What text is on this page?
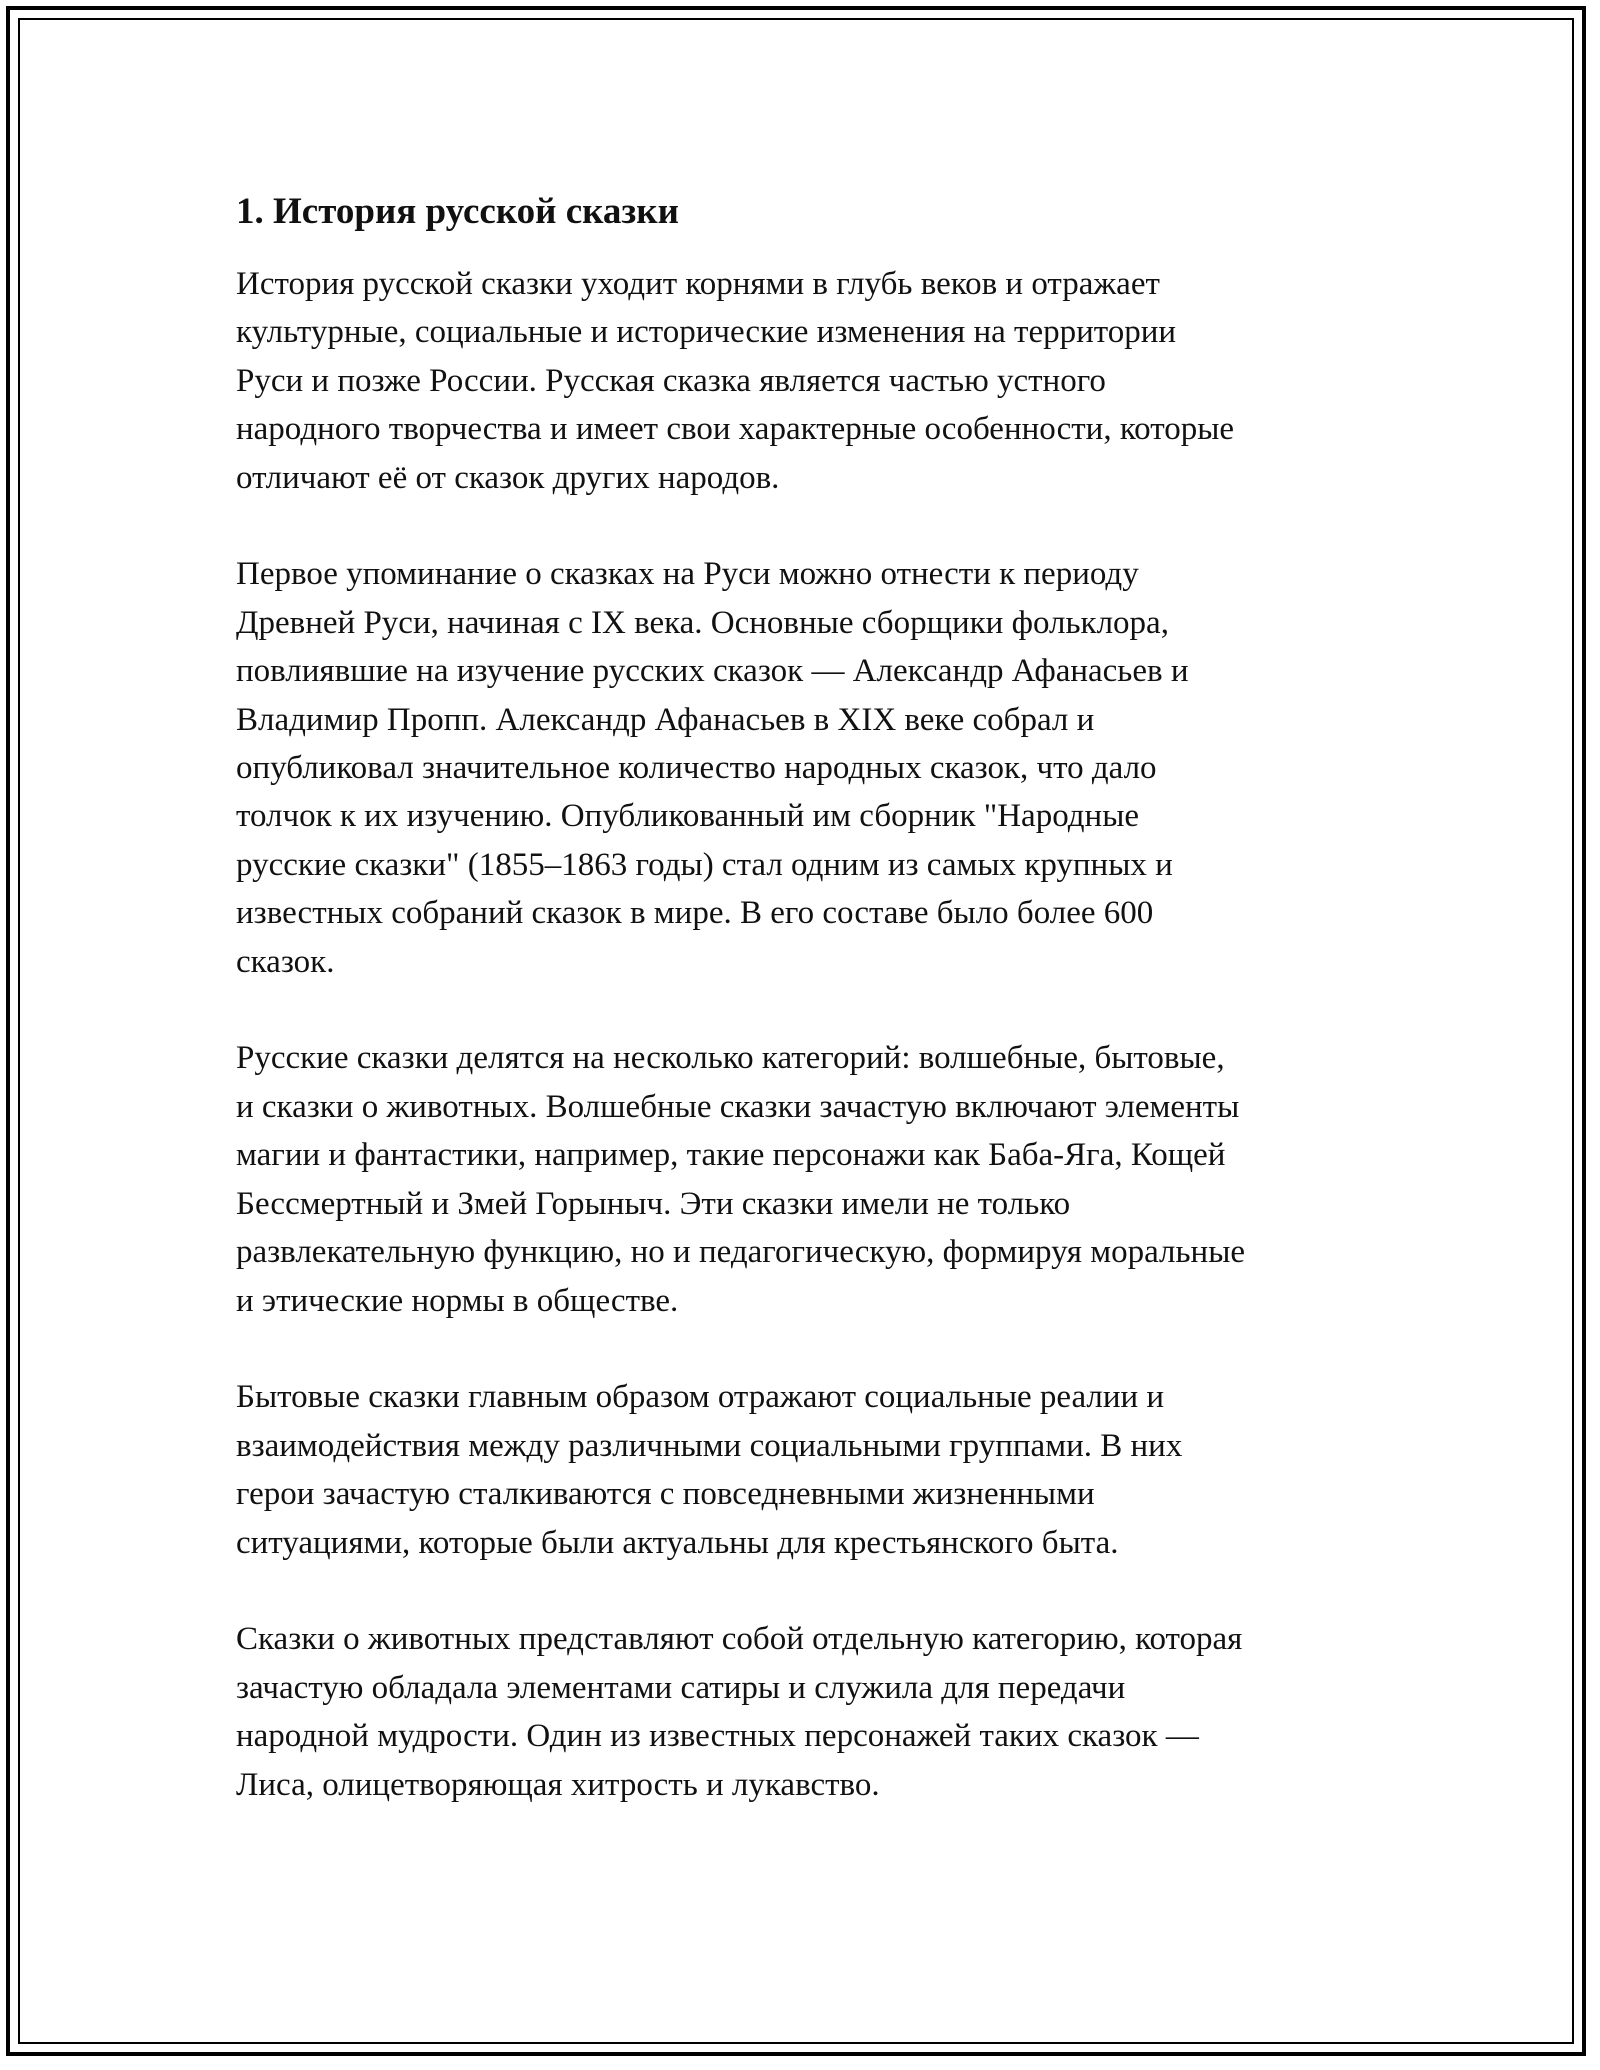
1. История русской сказки

История русской сказки уходит корнями в глубь веков и отражает
культурные, социальные и исторические изменения на территории
Руси и позже России. Русская сказка является частью устного
народного творчества и имеет свои характерные особенности, которые
отличают её от сказок других народов.

Первое упоминание о сказках на Руси можно отнести к периоду
Древней Руси, начиная с IX века. Основные сборщики фольклора,
повлиявшие на изучение русских сказок — Александр Афанасьев и
Владимир Пропп. Александр Афанасьев в XIX веке собрал и
опубликовал значительное количество народных сказок, что дало
толчок к их изучению. Опубликованный им сборник "Народные
русские сказки" (1855–1863 годы) стал одним из самых крупных и
известных собраний сказок в мире. В его составе было более 600
сказок.

Русские сказки делятся на несколько категорий: волшебные, бытовые,
и сказки о животных. Волшебные сказки зачастую включают элементы
магии и фантастики, например, такие персонажи как Баба-Яга, Кощей
Бессмертный и Змей Горыныч. Эти сказки имели не только
развлекательную функцию, но и педагогическую, формируя моральные
и этические нормы в обществе.

Бытовые сказки главным образом отражают социальные реалии и
взаимодействия между различными социальными группами. В них
герои зачастую сталкиваются с повседневными жизненными
ситуациями, которые были актуальны для крестьянского быта.

Сказки о животных представляют собой отдельную категорию, которая
зачастую обладала элементами сатиры и служила для передачи
народной мудрости. Один из известных персонажей таких сказок —
Лиса, олицетворяющая хитрость и лукавство.
